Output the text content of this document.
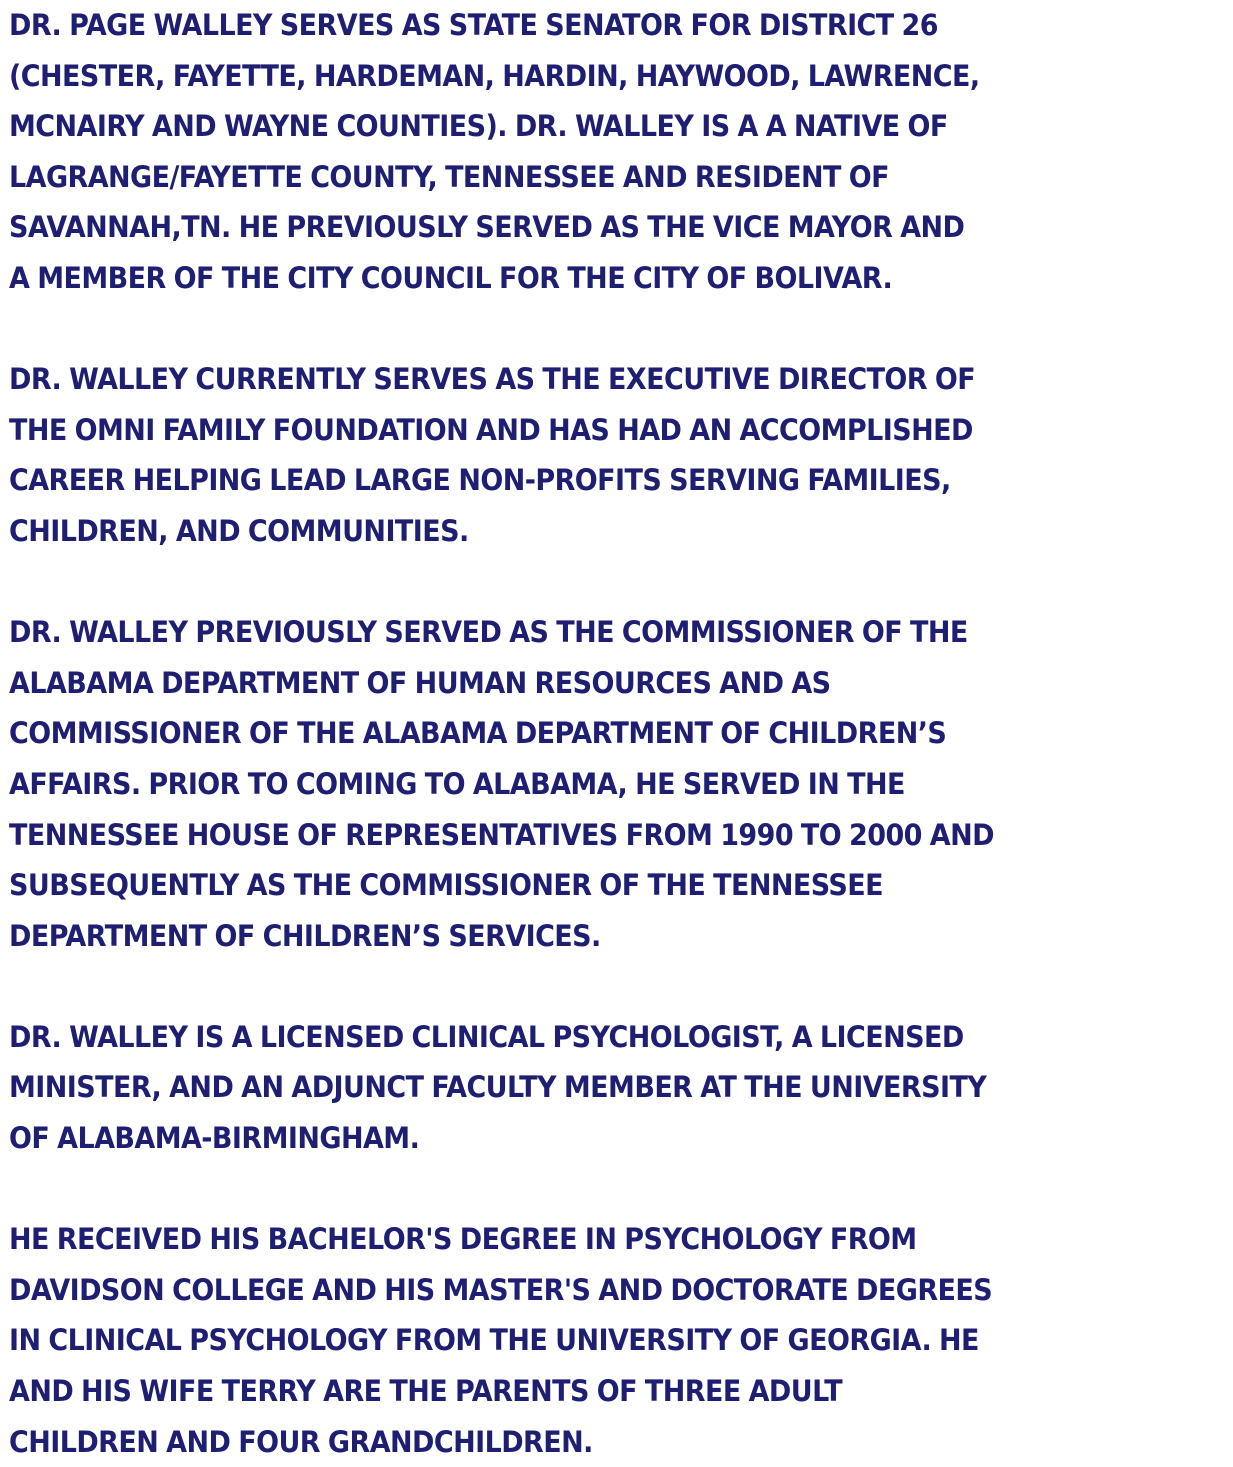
DR. PAGE WALLEY SERVES AS STATE SENATOR FOR DISTRICT 26
(CHESTER, FAYETTE, HARDEMAN, HARDIN, HAYWOOD, LAWRENCE,
MCNAIRY AND WAYNE COUNTIES). DR. WALLEY IS A A NATIVE OF
LAGRANGE/FAYETTE COUNTY, TENNESSEE AND RESIDENT OF
SAVANNAH,TN. HE PREVIOUSLY SERVED AS THE VICE MAYOR AND
A MEMBER OF THE CITY COUNCIL FOR THE CITY OF BOLIVAR.
DR. WALLEY CURRENTLY SERVES AS THE EXECUTIVE DIRECTOR OF
THE OMNI FAMILY FOUNDATION AND HAS HAD AN ACCOMPLISHED
CAREER HELPING LEAD LARGE NON-PROFITS SERVING FAMILIES,
CHILDREN, AND COMMUNITIES.
DR. WALLEY PREVIOUSLY SERVED AS THE COMMISSIONER OF THE
ALABAMA DEPARTMENT OF HUMAN RESOURCES AND AS
COMMISSIONER OF THE ALABAMA DEPARTMENT OF CHILDREN’S
AFFAIRS. PRIOR TO COMING TO ALABAMA, HE SERVED IN THE
TENNESSEE HOUSE OF REPRESENTATIVES FROM 1990 TO 2000 AND
SUBSEQUENTLY AS THE COMMISSIONER OF THE TENNESSEE
DEPARTMENT OF CHILDREN’S SERVICES.
DR. WALLEY IS A LICENSED CLINICAL PSYCHOLOGIST, A LICENSED
MINISTER, AND AN ADJUNCT FACULTY MEMBER AT THE UNIVERSITY
OF ALABAMA-BIRMINGHAM.
HE RECEIVED HIS BACHELOR'S DEGREE IN PSYCHOLOGY FROM
DAVIDSON COLLEGE AND HIS MASTER'S AND DOCTORATE DEGREES
IN CLINICAL PSYCHOLOGY FROM THE UNIVERSITY OF GEORGIA. HE
AND HIS WIFE TERRY ARE THE PARENTS OF THREE ADULT
CHILDREN AND FOUR GRANDCHILDREN.
